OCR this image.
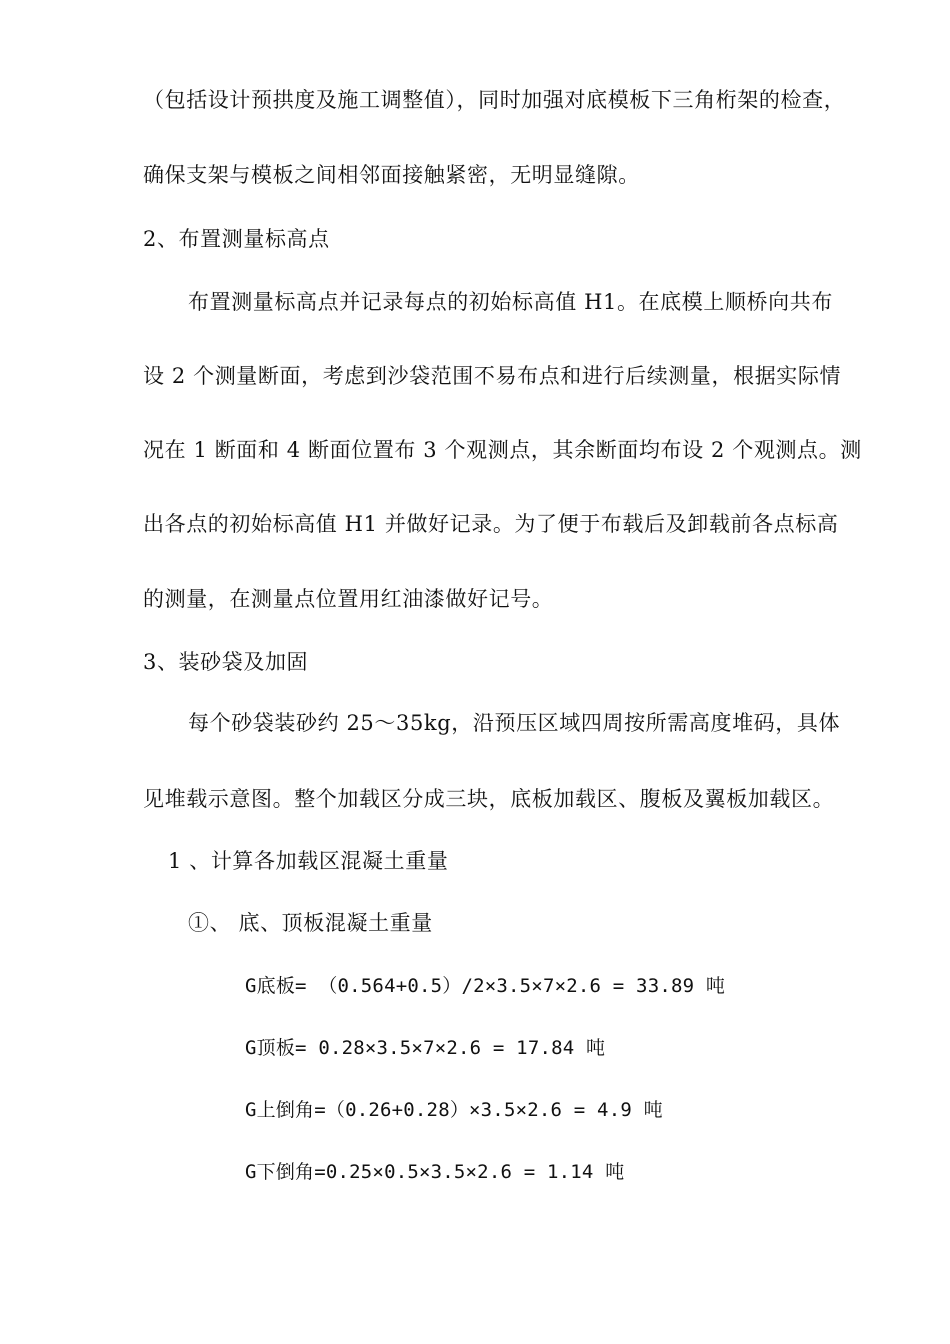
（包括设计预拱度及施工调整值），同时加强对底模板下三角桁架的检查，
确保支架与模板之间相邻面接触紧密，无明显缝隙。
2、布置测量标高点
布置测量标高点并记录每点的初始标高值 H1。在底模上顺桥向共布
设 2 个测量断面，考虑到沙袋范围不易布点和进行后续测量，根据实际情
况在 1 断面和 4 断面位置布 3 个观测点，其余断面均布设 2 个观测点。测
出各点的初始标高值 H1 并做好记录。为了便于布载后及卸载前各点标高
的测量，在测量点位置用红油漆做好记号。
3、装砂袋及加固
每个砂袋装砂约 25～35kg，沿预压区域四周按所需高度堆码，具体
见堆载示意图。整个加载区分成三块，底板加载区、腹板及翼板加载区。
1 、计算各加载区混凝土重量
①、 底、顶板混凝土重量
G底板= （0.564+0.5）/2×3.5×7×2.6 = 33.89 吨
G顶板= 0.28×3.5×7×2.6 = 17.84 吨
G上倒角=（0.26+0.28）×3.5×2.6 = 4.9 吨
G下倒角=0.25×0.5×3.5×2.6 = 1.14 吨
